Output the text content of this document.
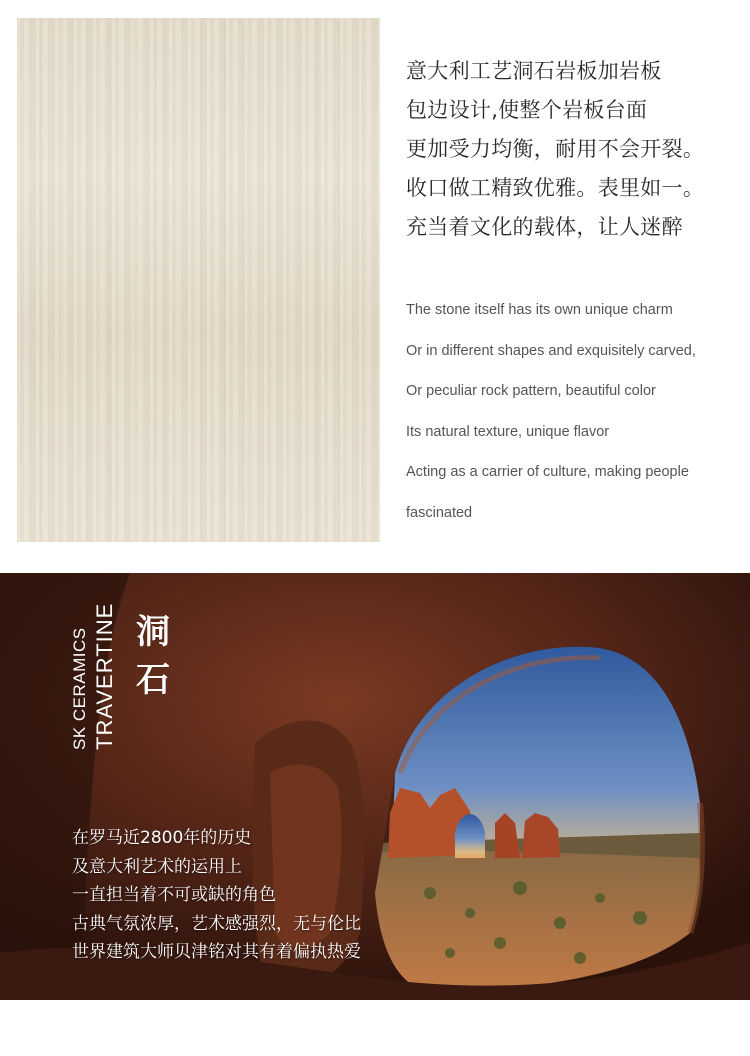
意大利工艺洞石岩板加岩板
包边设计,使整个岩板台面
更加受力均衡，耐用不会开裂。
收口做工精致优雅。表里如一。
充当着文化的载体，让人迷醉
The stone itself has its own unique charm
Or in different shapes and exquisitely carved,
Or peculiar rock pattern, beautiful color
Its natural texture, unique flavor
Acting as a carrier of culture, making people
fascinated
SK CERAMICS TRAVERTINE 洞
石
在罗马近2800年的历史
及意大利艺术的运用上
一直担当着不可或缺的角色
古典气氛浓厚，艺术感强烈，无与伦比
世界建筑大师贝津铭对其有着偏执热爱
